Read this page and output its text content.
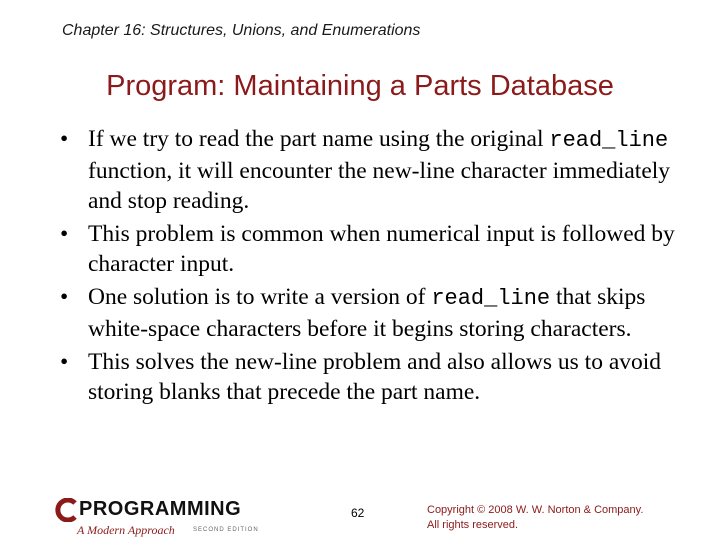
Chapter 16: Structures, Unions, and Enumerations
Program: Maintaining a Parts Database
• If we try to read the part name using the original read_line function, it will encounter the new-line character immediately and stop reading.
• This problem is common when numerical input is followed by character input.
• One solution is to write a version of read_line that skips white-space characters before it begins storing characters.
• This solves the new-line problem and also allows us to avoid storing blanks that precede the part name.
PROGRAMMING
A Modern Approach	SECOND EDITION
62	Copyright © 2008 W. W. Norton & Company.
All rights reserved.
